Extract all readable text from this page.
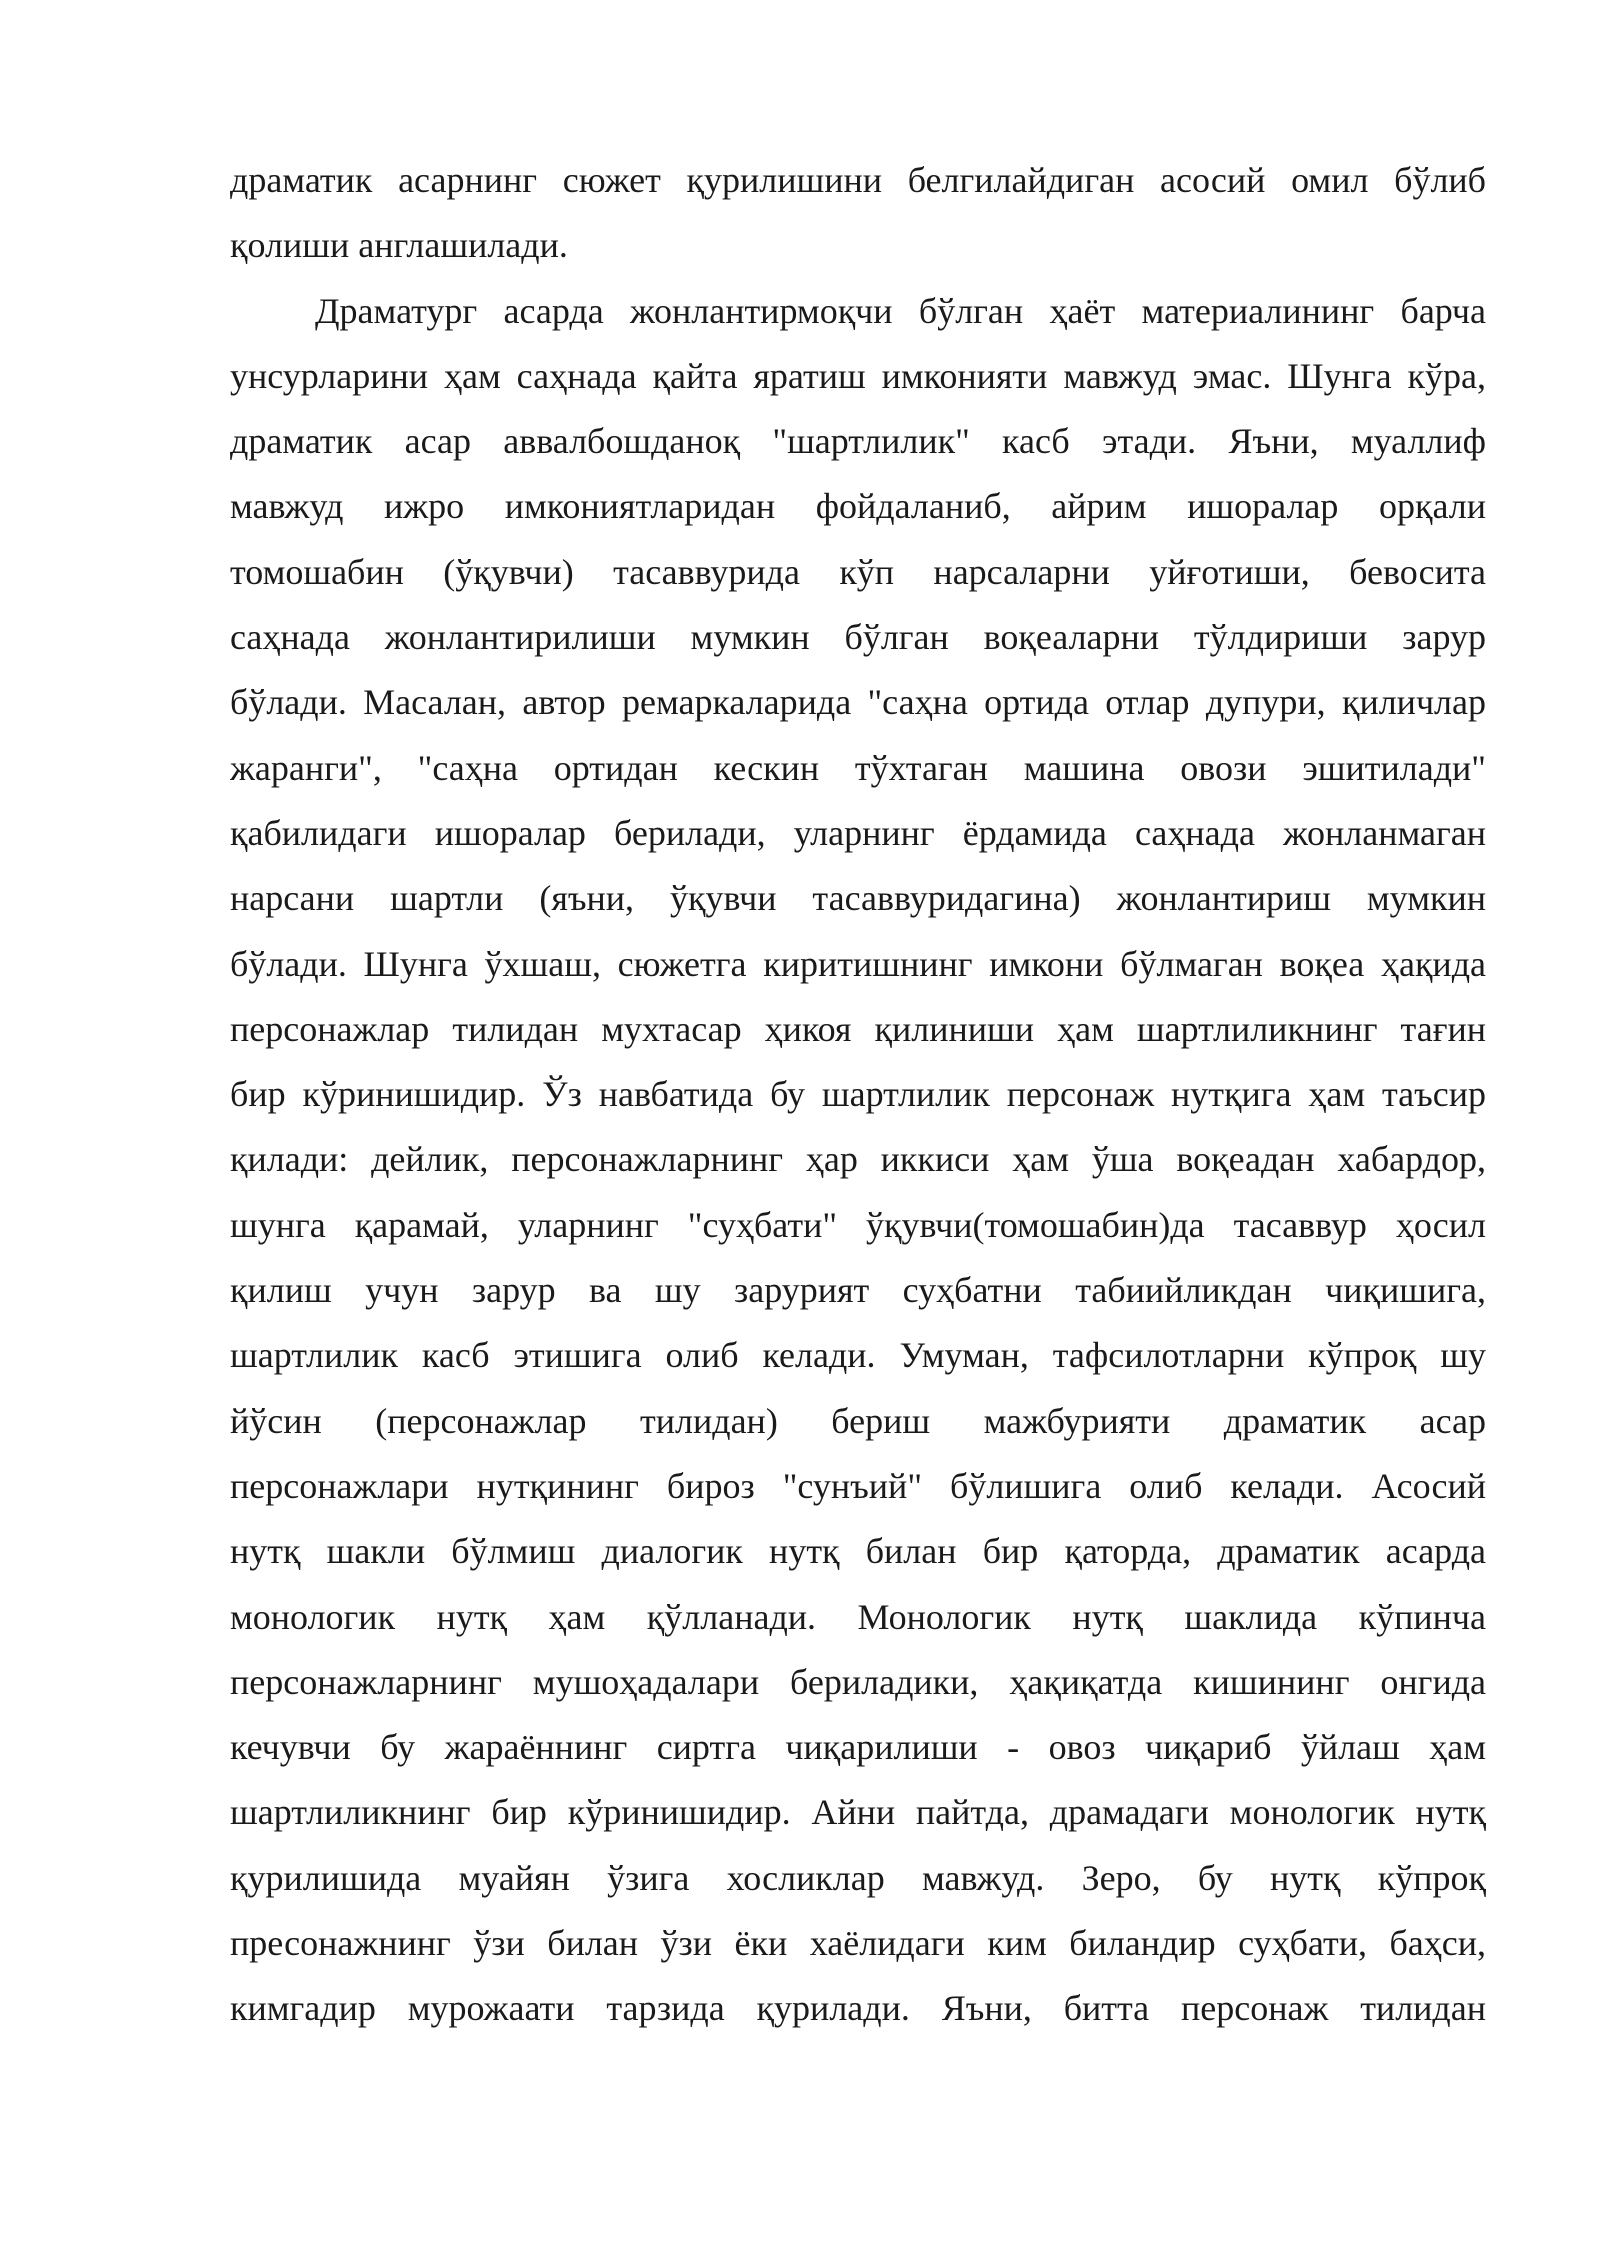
драматик асарнинг сюжет қурилишини белгилайдиган асосий омил бўлиб
қолиши англашилади.
Драматург асарда жонлантирмоқчи бўлган ҳаёт материалининг барча
унсурларини ҳам саҳнада қайта яратиш имконияти мавжуд эмас. Шунга кўра,
драматик асар аввалбошданоқ "шартлилик" касб этади. Яъни, муаллиф
мавжуд ижро имкониятларидан фойдаланиб, айрим ишоралар орқали
томошабин (ўқувчи) тасаввурида кўп нарсаларни уйғотиши, бевосита
саҳнада жонлантирилиши мумкин бўлган воқеаларни тўлдириши зарур
бўлади. Масалан, автор ремаркаларида "саҳна ортида отлар дупури, қиличлар
жаранги", "саҳна ортидан кескин тўхтаган машина овози эшитилади"
қабилидаги ишоралар берилади, уларнинг ёрдамида саҳнада жонланмаган
нарсани шартли (яъни, ўқувчи тасаввуридагина) жонлантириш мумкин
бўлади. Шунга ўхшаш, сюжетга киритишнинг имкони бўлмаган воқеа ҳақида
персонажлар тилидан мухтасар ҳикоя қилиниши ҳам шартлиликнинг тағин
бир кўринишидир. Ўз навбатида бу шартлилик персонаж нутқига ҳам таъсир
қилади: дейлик, персонажларнинг ҳар иккиси ҳам ўша воқеадан хабардор,
шунга қарамай, уларнинг "суҳбати" ўқувчи(томошабин)да тасаввур ҳосил
қилиш учун зарур ва шу зарурият суҳбатни табиийликдан чиқишига,
шартлилик касб этишига олиб келади. Умуман, тафсилотларни кўпроқ шу
йўсин (персонажлар тилидан) бериш мажбурияти драматик асар
персонажлари нутқининг бироз "сунъий" бўлишига олиб келади. Асосий
нутқ шакли бўлмиш диалогик нутқ билан бир қаторда, драматик асарда
монологик нутқ ҳам қўлланади. Монологик нутқ шаклида кўпинча
персонажларнинг мушоҳадалари бериладики, ҳақиқатда кишининг онгида
кечувчи бу жараённинг сиртга чиқарилиши - овоз чиқариб ўйлаш ҳам
шартлиликнинг бир кўринишидир. Айни пайтда, драмадаги монологик нутқ
қурилишида муайян ўзига хосликлар мавжуд. Зеро, бу нутқ кўпроқ
пресонажнинг ўзи билан ўзи ёки хаёлидаги ким биландир суҳбати, баҳси,
кимгадир мурожаати тарзида қурилади. Яъни, битта персонаж тилидан
